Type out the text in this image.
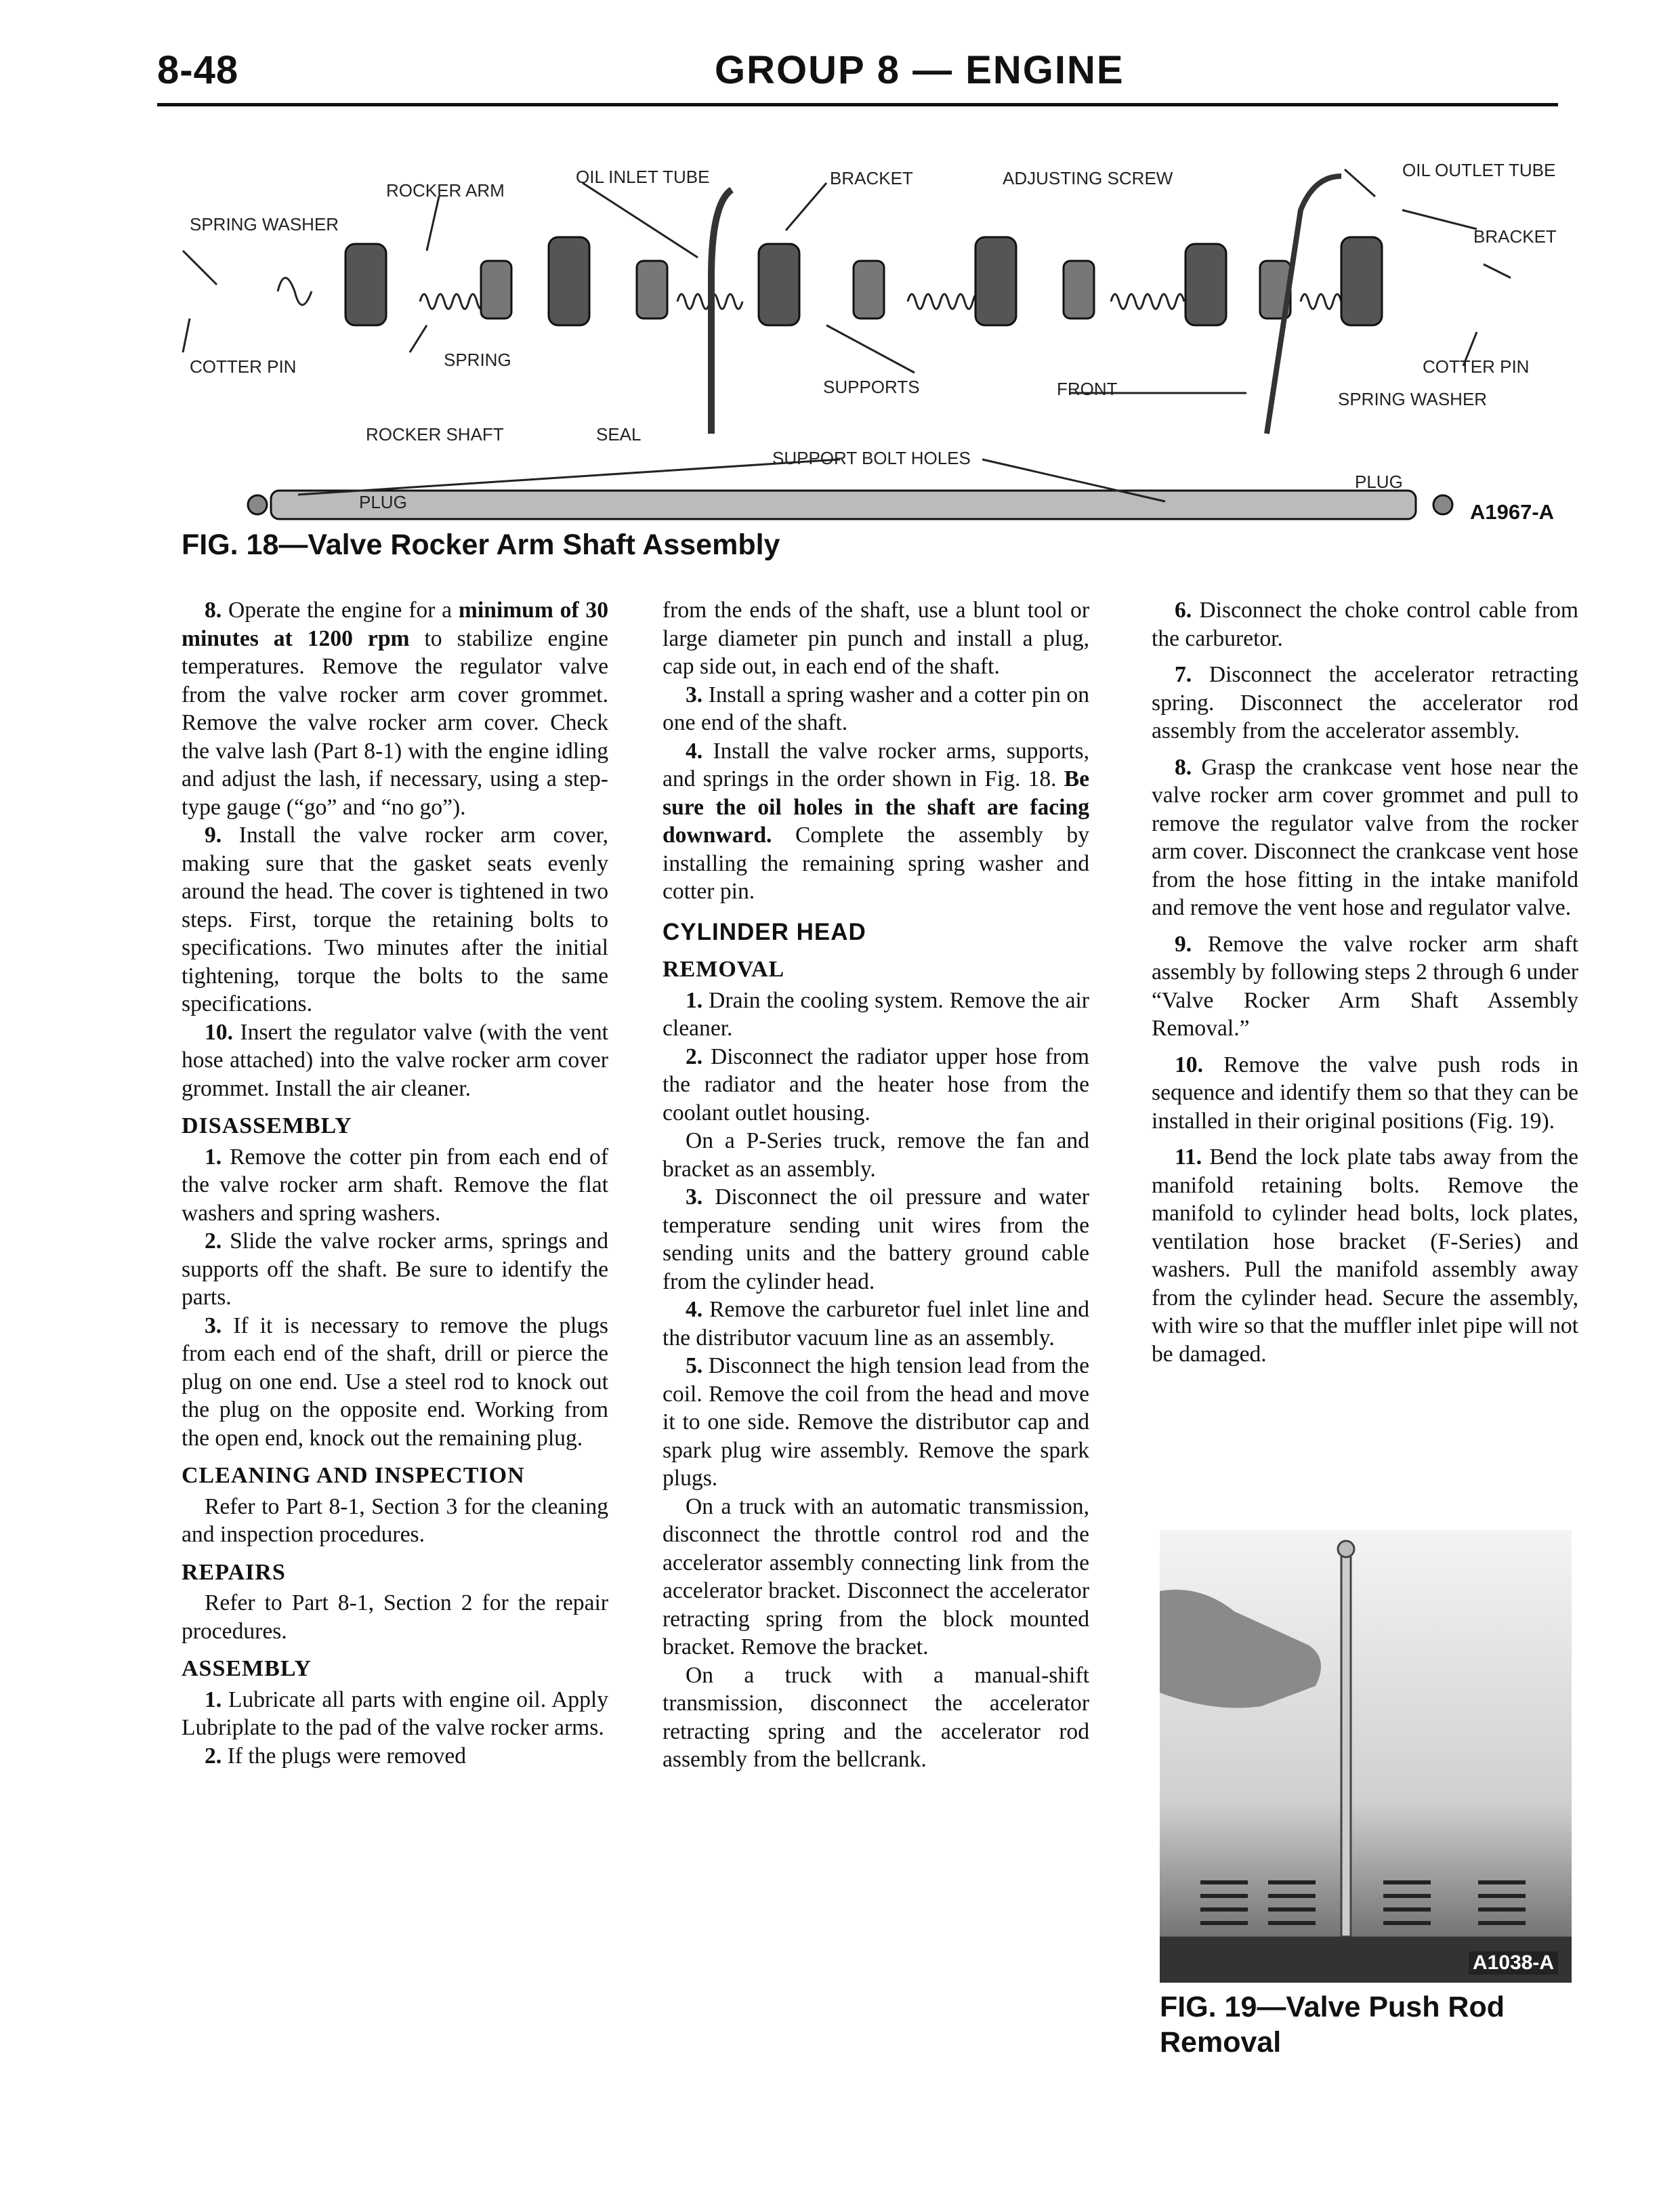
8-48	GROUP 8 — ENGINE
SPRING WASHER
ROCKER ARM
OIL INLET TUBE	BRACKET	ADJUSTING SCREW	OIL OUTLET TUBE
BRACKET
COTTER PIN	SPRING
SUPPORTS	FRONT
COTTER PIN
SPRING WASHER
ROCKER SHAFT	SEAL
SUPPORT BOLT HOLES
PLUG
PLUG
FIG. 18—Valve Rocker Arm Shaft Assembly
A1967-A

8. Operate the engine for a minimum of 30 minutes at 1200 rpm to stabilize engine temperatures. Remove the regulator valve from the valve rocker arm cover grommet. Remove the valve rocker arm cover. Check the valve lash (Part 8-1) with the engine idling and adjust the lash, if necessary, using a step-type gauge (“go” and “no go”).

9. Install the valve rocker arm cover, making sure that the gasket seats evenly around the head. The cover is tightened in two steps. First, torque the retaining bolts to specifications. Two minutes after the initial tightening, torque the bolts to the same specifications.

10. Insert the regulator valve (with the vent hose attached) into the valve rocker arm cover grommet. Install the air cleaner.

DISASSEMBLY

1. Remove the cotter pin from each end of the valve rocker arm shaft. Remove the flat washers and spring washers.

2. Slide the valve rocker arms, springs and supports off the shaft. Be sure to identify the parts.

3. If it is necessary to remove the plugs from each end of the shaft, drill or pierce the plug on one end. Use a steel rod to knock out the plug on the opposite end. Working from the open end, knock out the remaining plug.

CLEANING AND INSPECTION

Refer to Part 8-1, Section 3 for the cleaning and inspection procedures.

REPAIRS

Refer to Part 8-1, Section 2 for the repair procedures.

ASSEMBLY

1. Lubricate all parts with engine oil. Apply Lubriplate to the pad of the valve rocker arms.

2. If the plugs were removed

from the ends of the shaft, use a blunt tool or large diameter pin punch and install a plug, cap side out, in each end of the shaft.

3. Install a spring washer and a cotter pin on one end of the shaft.

4. Install the valve rocker arms, supports, and springs in the order shown in Fig. 18. Be sure the oil holes in the shaft are facing downward. Complete the assembly by installing the remaining spring washer and cotter pin.

CYLINDER HEAD
REMOVAL

1. Drain the cooling system. Remove the air cleaner.

2. Disconnect the radiator upper hose from the radiator and the heater hose from the coolant outlet housing.

On a P-Series truck, remove the fan and bracket as an assembly.

3. Disconnect the oil pressure and water temperature sending unit wires from the sending units and the battery ground cable from the cylinder head.

4. Remove the carburetor fuel inlet line and the distributor vacuum line as an assembly.

5. Disconnect the high tension lead from the coil. Remove the coil from the head and move it to one side. Remove the distributor cap and spark plug wire assembly. Remove the spark plugs.

On a truck with an automatic transmission, disconnect the throttle control rod and the accelerator assembly connecting link from the accelerator bracket. Disconnect the accelerator retracting spring from the block mounted bracket. Remove the bracket.

On a truck with a manual-shift transmission, disconnect the accelerator retracting spring and the accelerator rod assembly from the bellcrank.

6. Disconnect the choke control cable from the carburetor.

7. Disconnect the accelerator retracting spring. Disconnect the accelerator rod assembly from the accelerator assembly.

8. Grasp the crankcase vent hose near the valve rocker arm cover grommet and pull to remove the regulator valve from the rocker arm cover. Disconnect the crankcase vent hose from the hose fitting in the intake manifold and remove the vent hose and regulator valve.

9. Remove the valve rocker arm shaft assembly by following steps 2 through 6 under “Valve Rocker Arm Shaft Assembly Removal.”

10. Remove the valve push rods in sequence and identify them so that they can be installed in their original positions (Fig. 19).

11. Bend the lock plate tabs away from the manifold retaining bolts. Remove the manifold to cylinder head bolts, lock plates, ventilation hose bracket (F-Series) and washers. Pull the manifold assembly away from the cylinder head. Secure the assembly, with wire so that the muffler inlet pipe will not be damaged.

A1038-A
FIG. 19—Valve Push Rod Removal
